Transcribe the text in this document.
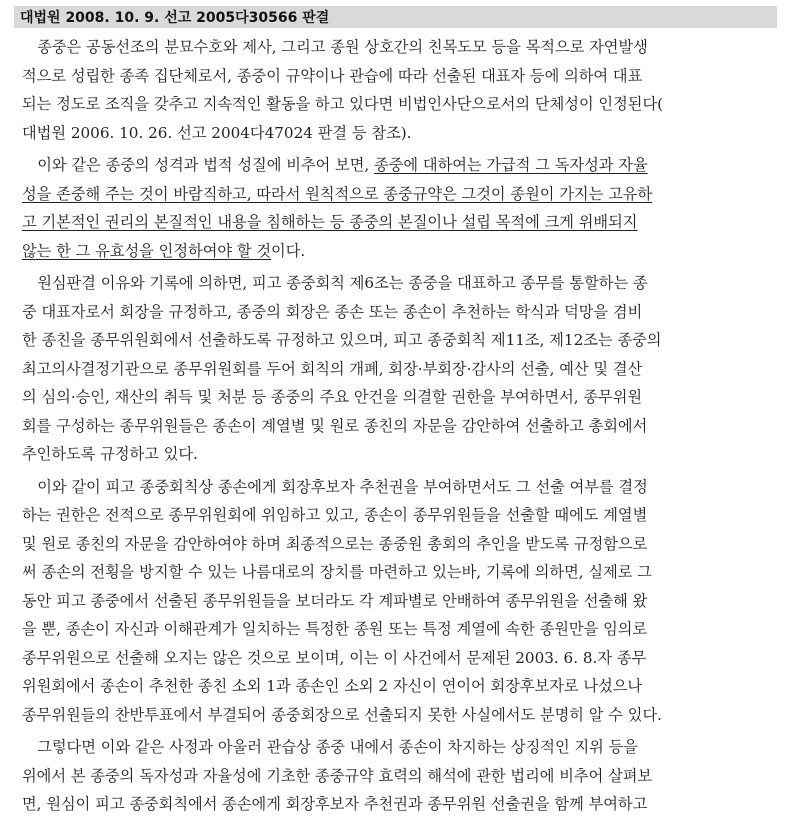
대법원 2008. 10. 9. 선고 2005다30566 판결
　종중은 공동선조의 분묘수호와 제사, 그리고 종원 상호간의 친목도모 등을 목적으로 자연발생
적으로 성립한 종족 집단체로서, 종중이 규약이나 관습에 따라 선출된 대표자 등에 의하여 대표
되는 정도로 조직을 갖추고 지속적인 활동을 하고 있다면 비법인사단으로서의 단체성이 인정된다(
대법원 2006. 10. 26. 선고 2004다47024 판결 등 참조).
　이와 같은 종중의 성격과 법적 성질에 비추어 보면, 종중에 대하여는 가급적 그 독자성과 자율
성을 존중해 주는 것이 바람직하고, 따라서 원칙적으로 종중규약은 그것이 종원이 가지는 고유하
고 기본적인 권리의 본질적인 내용을 침해하는 등 종중의 본질이나 설립 목적에 크게 위배되지
않는 한 그 유효성을 인정하여야 할 것이다.
　원심판결 이유와 기록에 의하면, 피고 종중회칙 제6조는 종중을 대표하고 종무를 통할하는 종
중 대표자로서 회장을 규정하고, 종중의 회장은 종손 또는 종손이 추천하는 학식과 덕망을 겸비
한 종친을 종무위원회에서 선출하도록 규정하고 있으며, 피고 종중회칙 제11조, 제12조는 종중의
최고의사결정기관으로 종무위원회를 두어 회칙의 개폐, 회장·부회장·감사의 선출, 예산 및 결산
의 심의·승인, 재산의 취득 및 처분 등 종중의 주요 안건을 의결할 권한을 부여하면서, 종무위원
회를 구성하는 종무위원들은 종손이 계열별 및 원로 종친의 자문을 감안하여 선출하고 총회에서
추인하도록 규정하고 있다.
　이와 같이 피고 종중회칙상 종손에게 회장후보자 추천권을 부여하면서도 그 선출 여부를 결정
하는 권한은 전적으로 종무위원회에 위임하고 있고, 종손이 종무위원들을 선출할 때에도 계열별
및 원로 종친의 자문을 감안하여야 하며 최종적으로는 종중원 총회의 추인을 받도록 규정함으로
써 종손의 전횡을 방지할 수 있는 나름대로의 장치를 마련하고 있는바, 기록에 의하면, 실제로 그
동안 피고 종중에서 선출된 종무위원들을 보더라도 각 계파별로 안배하여 종무위원을 선출해 왔
을 뿐, 종손이 자신과 이해관계가 일치하는 특정한 종원 또는 특정 계열에 속한 종원만을 임의로
종무위원으로 선출해 오지는 않은 것으로 보이며, 이는 이 사건에서 문제된 2003. 6. 8.자 종무
위원회에서 종손이 추천한 종친 소외 1과 종손인 소외 2 자신이 연이어 회장후보자로 나섰으나
종무위원들의 찬반투표에서 부결되어 종중회장으로 선출되지 못한 사실에서도 분명히 알 수 있다.
　그렇다면 이와 같은 사정과 아울러 관습상 종중 내에서 종손이 차지하는 상징적인 지위 등을
위에서 본 종중의 독자성과 자율성에 기초한 종중규약 효력의 해석에 관한 법리에 비추어 살펴보
면, 원심이 피고 종중회칙에서 종손에게 회장후보자 추천권과 종무위원 선출권을 함께 부여하고
